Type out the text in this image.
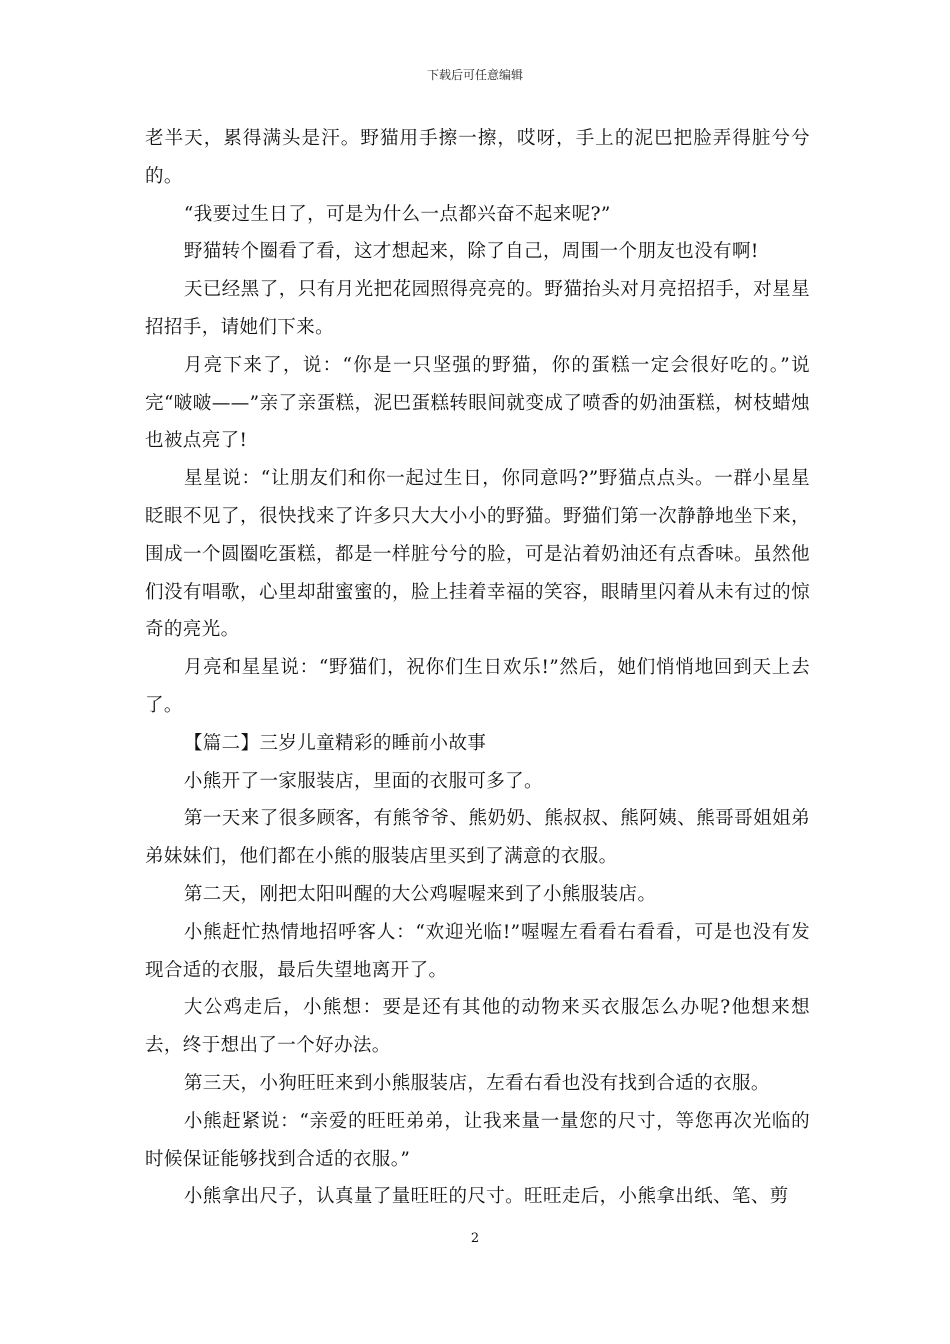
下载后可任意编辑

老半天，累得满头是汗。野猫用手擦一擦，哎呀，手上的泥巴把脸弄得脏兮兮的。

“我要过生日了，可是为什么一点都兴奋不起来呢?”

野猫转个圈看了看，这才想起来，除了自己，周围一个朋友也没有啊!

天已经黑了，只有月光把花园照得亮亮的。野猫抬头对月亮招招手，对星星招招手，请她们下来。

月亮下来了，说：“你是一只坚强的野猫，你的蛋糕一定会很好吃的。”说完“啵啵——”亲了亲蛋糕，泥巴蛋糕转眼间就变成了喷香的奶油蛋糕，树枝蜡烛也被点亮了!

星星说：“让朋友们和你一起过生日，你同意吗?”野猫点点头。一群小星星眨眼不见了，很快找来了许多只大大小小的野猫。野猫们第一次静静地坐下来，围成一个圆圈吃蛋糕，都是一样脏兮兮的脸，可是沾着奶油还有点香味。虽然他们没有唱歌，心里却甜蜜蜜的，脸上挂着幸福的笑容，眼睛里闪着从未有过的惊奇的亮光。

月亮和星星说：“野猫们，祝你们生日欢乐!”然后，她们悄悄地回到天上去了。

【篇二】三岁儿童精彩的睡前小故事

小熊开了一家服装店，里面的衣服可多了。

第一天来了很多顾客，有熊爷爷、熊奶奶、熊叔叔、熊阿姨、熊哥哥姐姐弟弟妹妹们，他们都在小熊的服装店里买到了满意的衣服。

第二天，刚把太阳叫醒的大公鸡喔喔来到了小熊服装店。

小熊赶忙热情地招呼客人：“欢迎光临!”喔喔左看看右看看，可是也没有发现合适的衣服，最后失望地离开了。

大公鸡走后，小熊想：要是还有其他的动物来买衣服怎么办呢?他想来想去，终于想出了一个好办法。

第三天，小狗旺旺来到小熊服装店，左看右看也没有找到合适的衣服。

小熊赶紧说：“亲爱的旺旺弟弟，让我来量一量您的尺寸，等您再次光临的时候保证能够找到合适的衣服。”

小熊拿出尺子，认真量了量旺旺的尺寸。旺旺走后，小熊拿出纸、笔、剪

2
